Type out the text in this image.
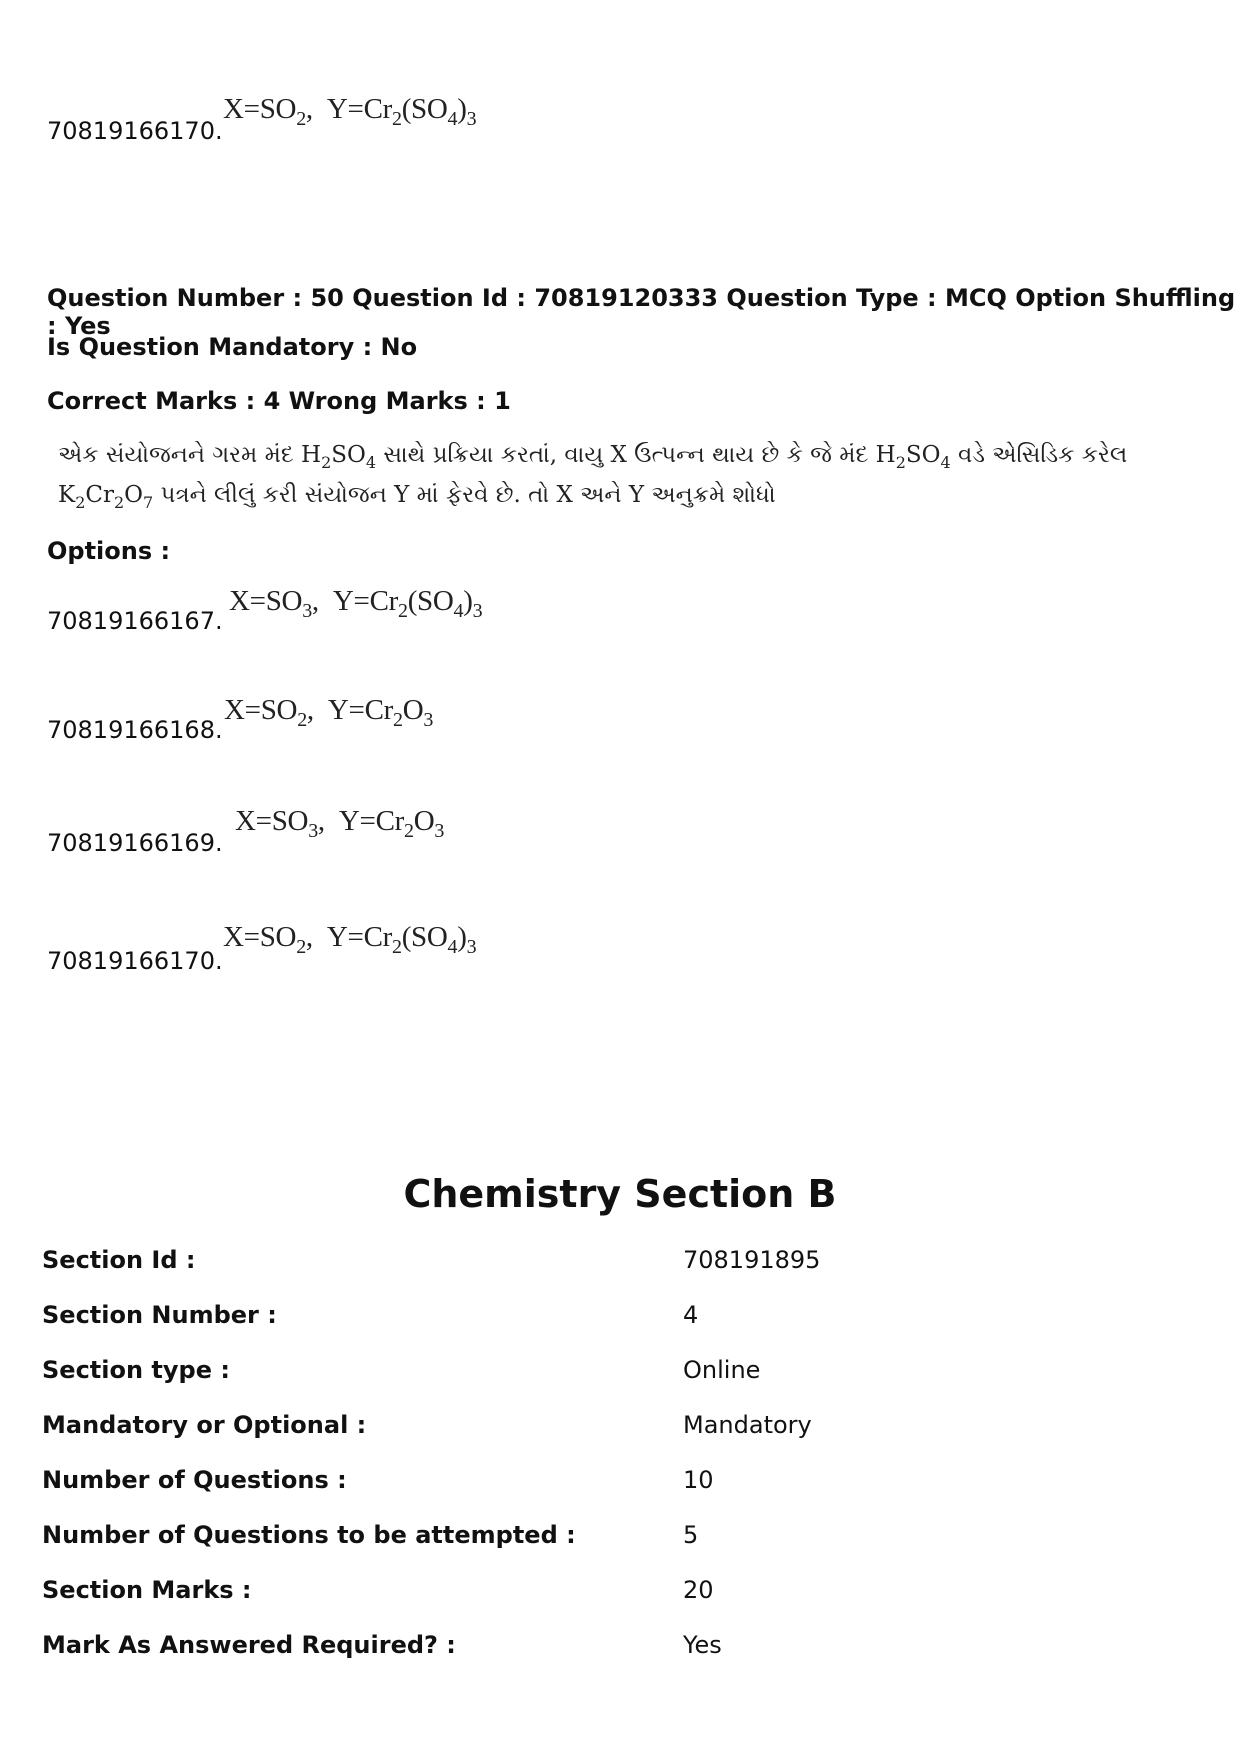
70819166170.
$X=SO_2$, $Y=Cr_2(SO_4)_3$
Question Number : 50 Question Id : 70819120333 Question Type : MCQ Option Shuffling : Yes
Is Question Mandatory : No
Correct Marks : 4 Wrong Marks : 1
એક સંયોજનને ગરમ મંદ $H_2SO_4$ સાથે પ્રક્રિયા કરતાં, વાયુ X ઉત્પન્ન થાય છે કે જે મંદ $H_2SO_4$ વડે એસિડિક કરેલ
$K_2Cr_2O_7$ પત્રને લીલું કરી સંયોજન Y માં ફેરવે છે. તો X અને Y અનુક્રમે શોધો
Options :
70819166167.
$X=SO_3$, $Y=Cr_2(SO_4)_3$
70819166168.
$X=SO_2$, $Y=Cr_2O_3$
70819166169.
$X=SO_3$, $Y=Cr_2O_3$
70819166170.
$X=SO_2$, $Y=Cr_2(SO_4)_3$
Chemistry Section B
Section Id :	708191895
Section Number :	4
Section type :	Online
Mandatory or Optional :	Mandatory
Number of Questions :	10
Number of Questions to be attempted :	5
Section Marks :	20
Mark As Answered Required? :	Yes
